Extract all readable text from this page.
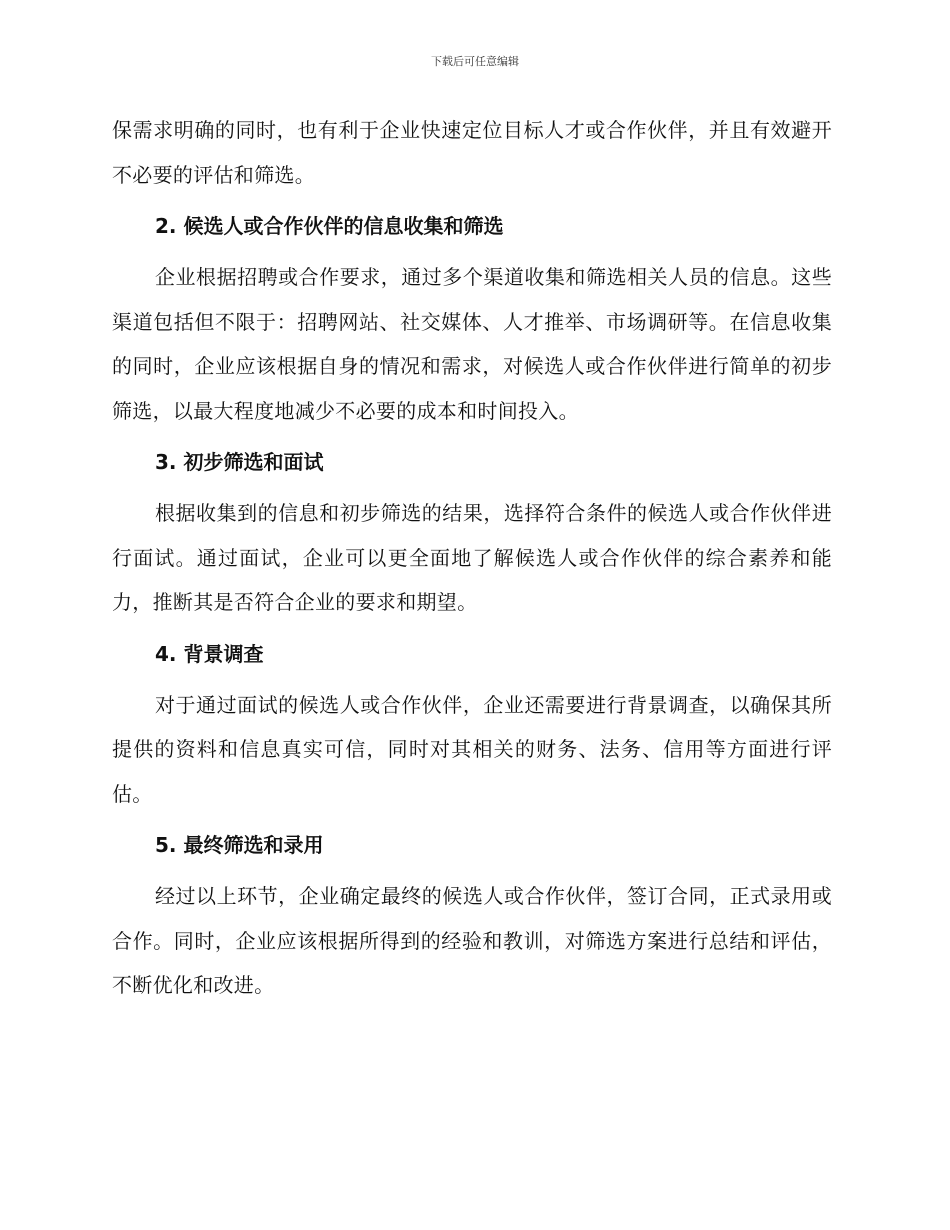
下载后可任意编辑

保需求明确的同时，也有利于企业快速定位目标人才或合作伙伴，并且有效避开不必要的评估和筛选。

2. 候选人或合作伙伴的信息收集和筛选

企业根据招聘或合作要求，通过多个渠道收集和筛选相关人员的信息。这些渠道包括但不限于：招聘网站、社交媒体、人才推举、市场调研等。在信息收集的同时，企业应该根据自身的情况和需求，对候选人或合作伙伴进行简单的初步筛选，以最大程度地减少不必要的成本和时间投入。

3. 初步筛选和面试

根据收集到的信息和初步筛选的结果，选择符合条件的候选人或合作伙伴进行面试。通过面试，企业可以更全面地了解候选人或合作伙伴的综合素养和能力，推断其是否符合企业的要求和期望。

4. 背景调查

对于通过面试的候选人或合作伙伴，企业还需要进行背景调查，以确保其所提供的资料和信息真实可信，同时对其相关的财务、法务、信用等方面进行评估。

5. 最终筛选和录用

经过以上环节，企业确定最终的候选人或合作伙伴，签订合同，正式录用或合作。同时，企业应该根据所得到的经验和教训，对筛选方案进行总结和评估，不断优化和改进。
